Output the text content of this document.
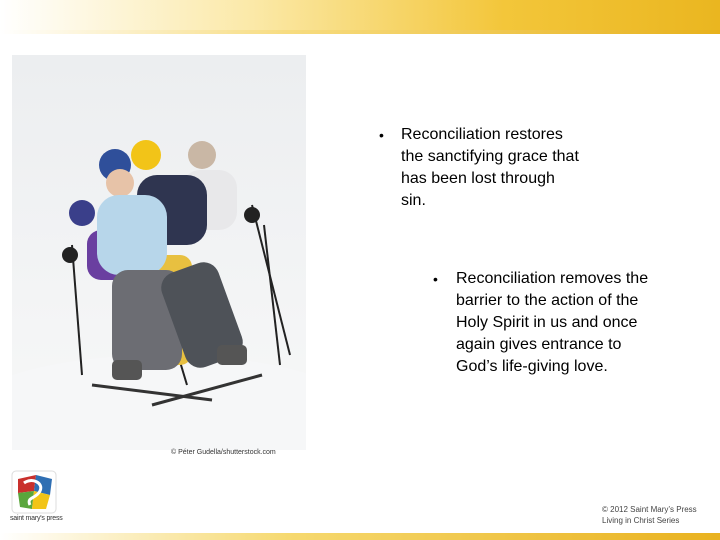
© Péter Gudella/shutterstock.com
•	Reconciliation restores the sanctifying grace that has been lost through sin.
•	Reconciliation removes the barrier to the action of the Holy Spirit in us and once again gives entrance to God’s life-giving love.
saint mary's press
© 2012 Saint Mary’s Press
Living in Christ Series
